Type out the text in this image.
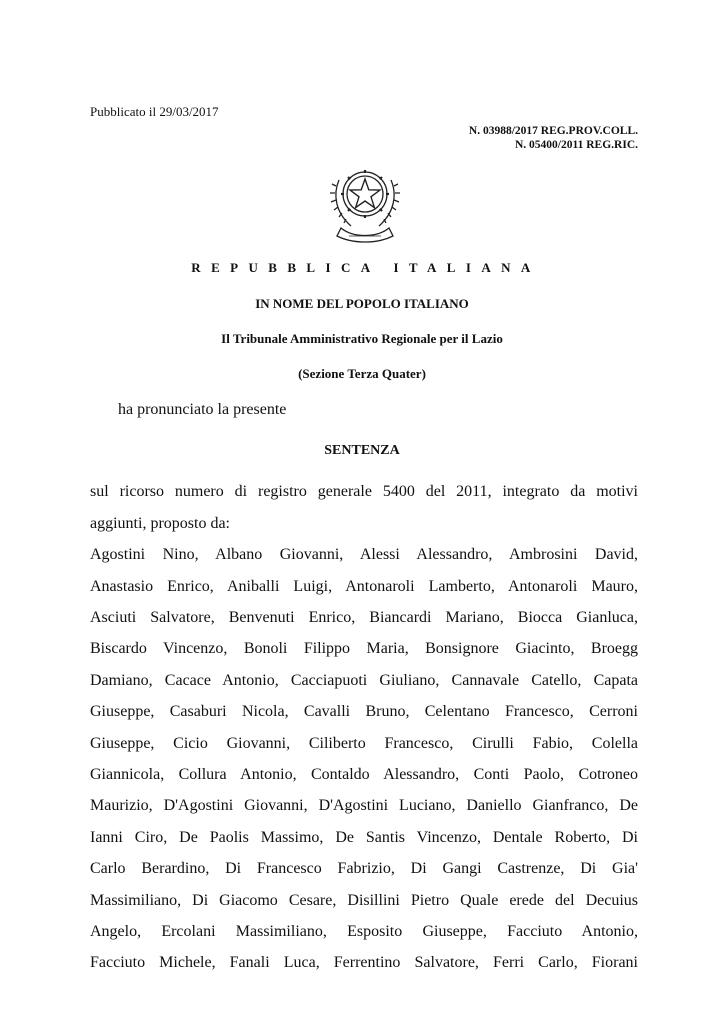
Pubblicato il 29/03/2017
N. 03988/2017 REG.PROV.COLL.
N. 05400/2011 REG.RIC.
REPUBBLICA ITALIANA
IN NOME DEL POPOLO ITALIANO
Il Tribunale Amministrativo Regionale per il Lazio
(Sezione Terza Quater)
ha pronunciato la presente
SENTENZA
sul ricorso numero di registro generale 5400 del 2011, integrato da motivi
aggiunti, proposto da:
Agostini Nino, Albano Giovanni, Alessi Alessandro, Ambrosini David,
Anastasio Enrico, Aniballi Luigi, Antonaroli Lamberto, Antonaroli Mauro,
Asciuti Salvatore, Benvenuti Enrico, Biancardi Mariano, Biocca Gianluca,
Biscardo Vincenzo, Bonoli Filippo Maria, Bonsignore Giacinto, Broegg
Damiano, Cacace Antonio, Cacciapuoti Giuliano, Cannavale Catello, Capata
Giuseppe, Casaburi Nicola, Cavalli Bruno, Celentano Francesco, Cerroni
Giuseppe, Cicio Giovanni, Ciliberto Francesco, Cirulli Fabio, Colella
Giannicola, Collura Antonio, Contaldo Alessandro, Conti Paolo, Cotroneo
Maurizio, D'Agostini Giovanni, D'Agostini Luciano, Daniello Gianfranco, De
Ianni Ciro, De Paolis Massimo, De Santis Vincenzo, Dentale Roberto, Di
Carlo Berardino, Di Francesco Fabrizio, Di Gangi Castrenze, Di Gia'
Massimiliano, Di Giacomo Cesare, Disillini Pietro Quale erede del Decuius
Angelo, Ercolani Massimiliano, Esposito Giuseppe, Facciuto Antonio,
Facciuto Michele, Fanali Luca, Ferrentino Salvatore, Ferri Carlo, Fiorani
